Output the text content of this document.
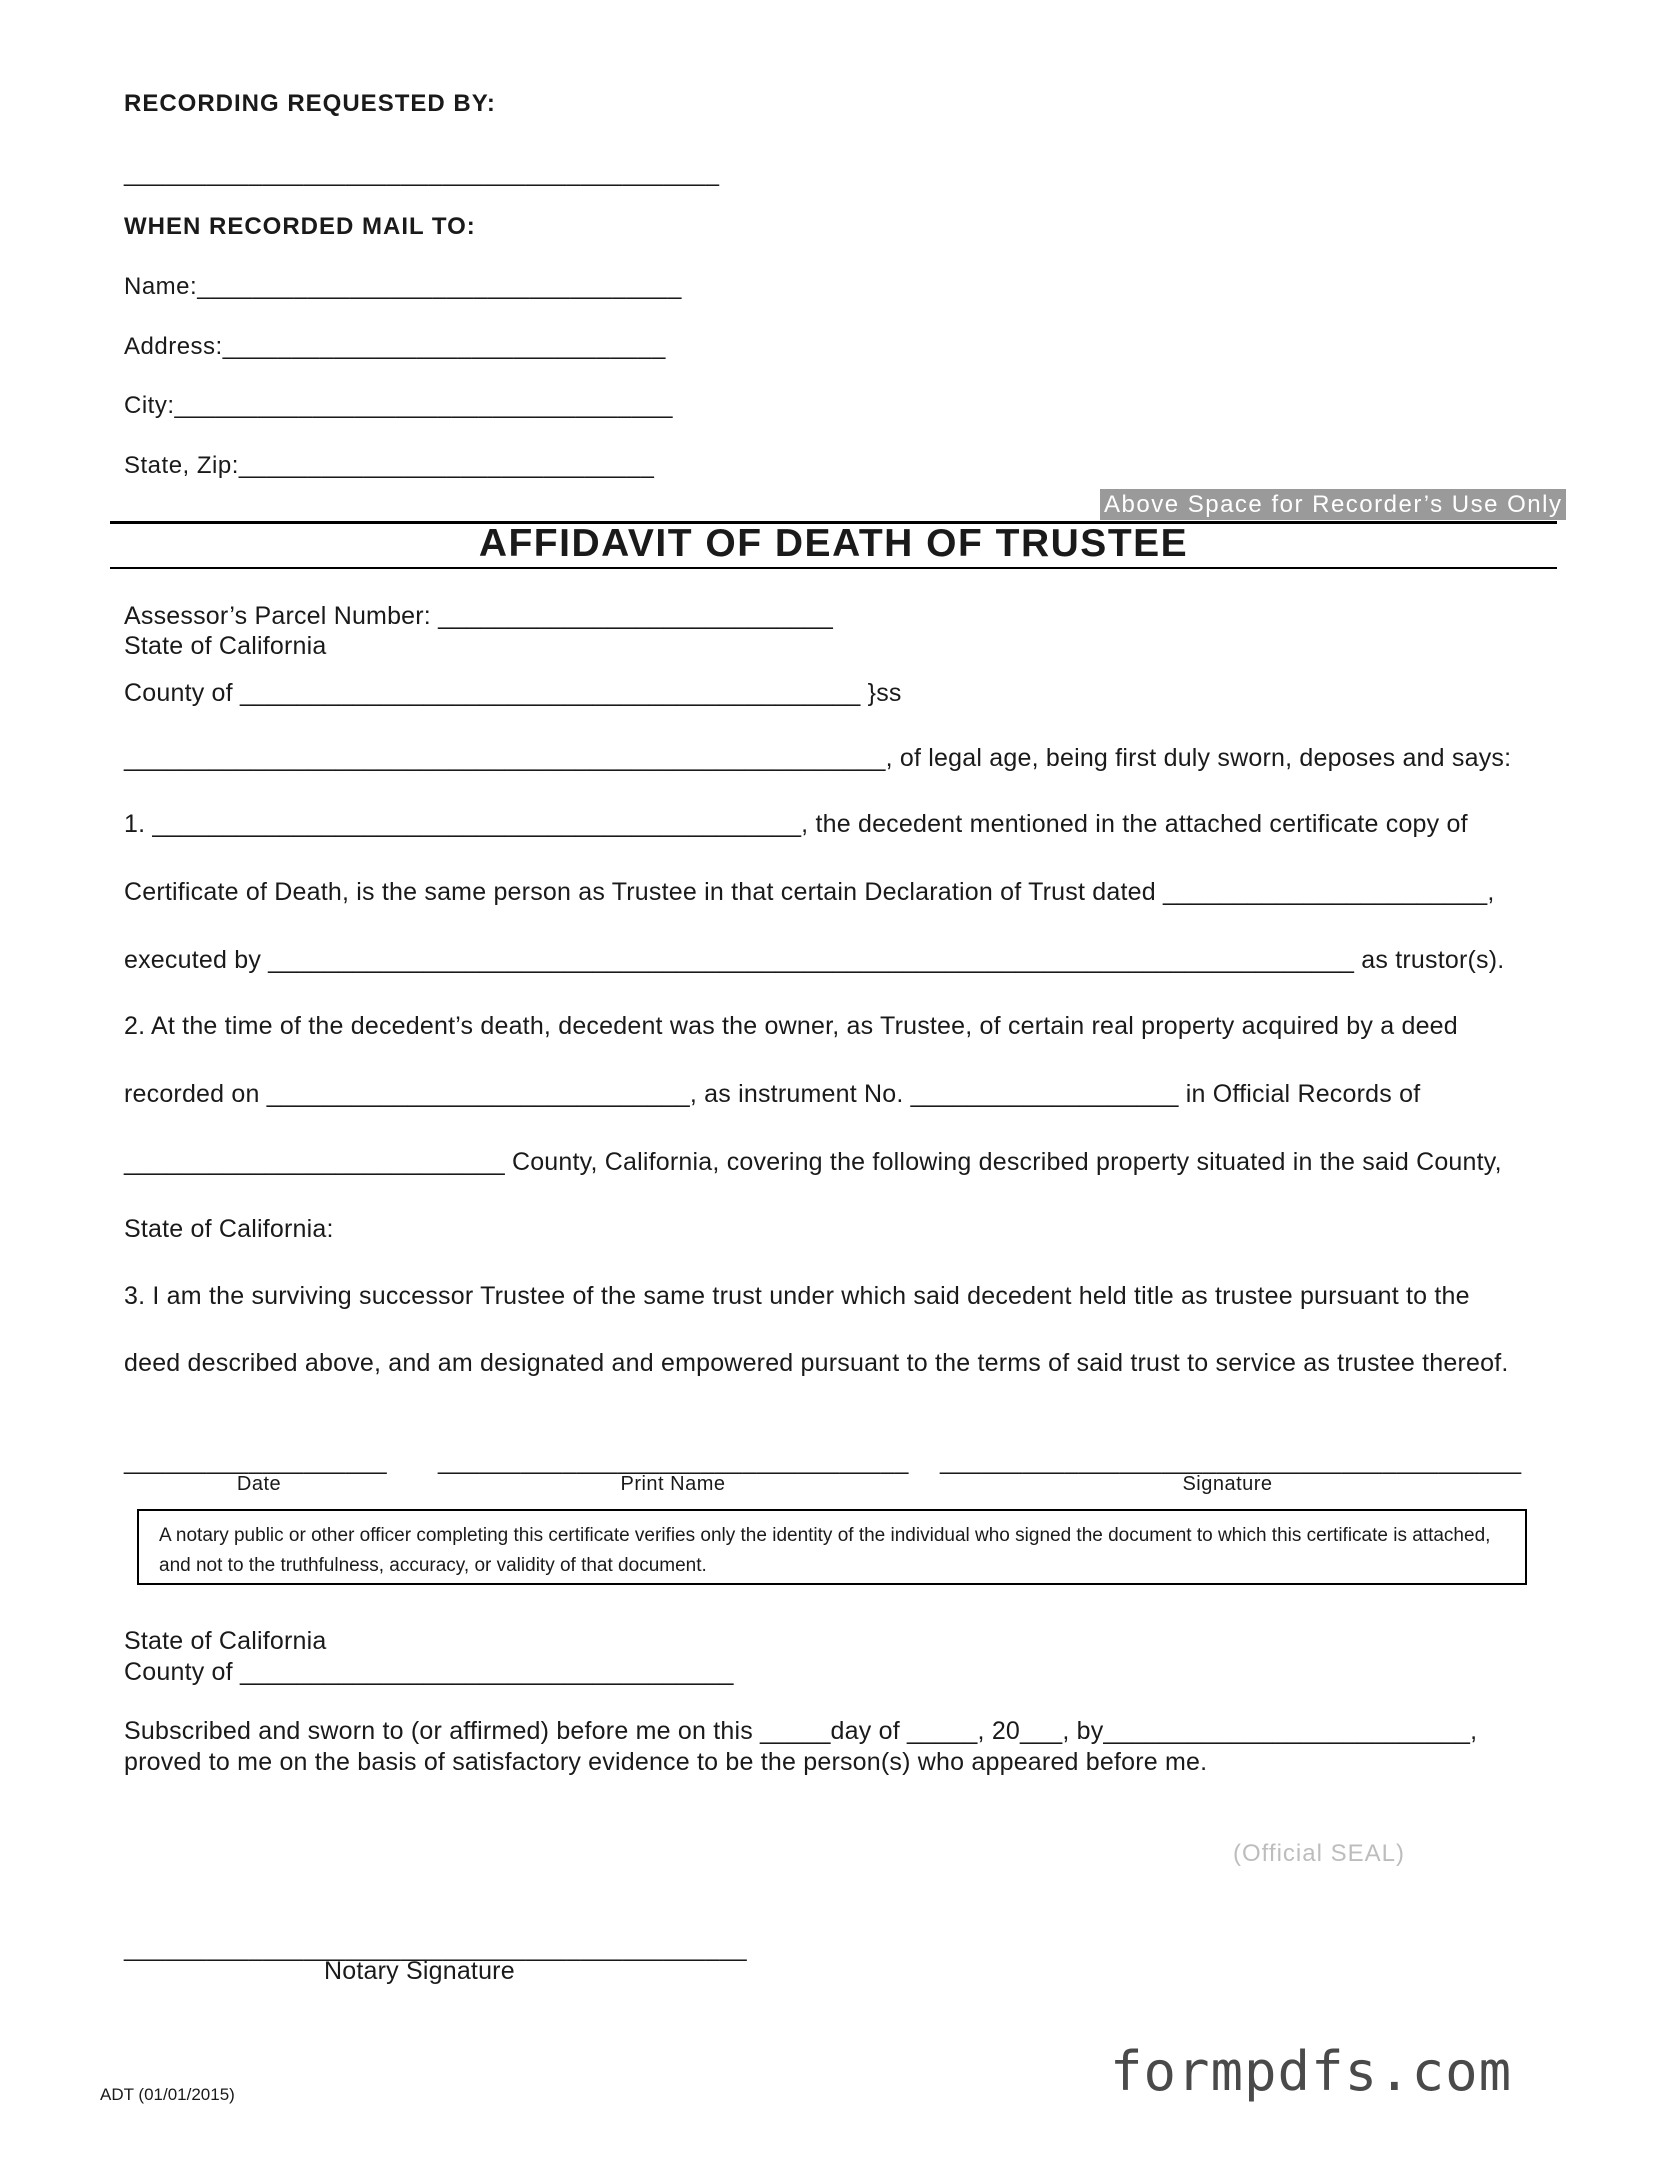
RECORDING REQUESTED BY:
___________________________________________
WHEN RECORDED MAIL TO:
Name:___________________________________
Address:________________________________
City:____________________________________
State, Zip:______________________________
Above Space for Recorder’s Use Only
AFFIDAVIT OF DEATH OF TRUSTEE
Assessor’s Parcel Number: ____________________________
State of California
County of ____________________________________________ }ss
______________________________________________________, of legal age, being first duly sworn, deposes and says:
1. ______________________________________________, the decedent mentioned in the attached certificate copy of
Certificate of Death, is the same person as Trustee in that certain Declaration of Trust dated _______________________,
executed by _____________________________________________________________________________ as trustor(s).
2. At the time of the decedent’s death, decedent was the owner, as Trustee, of certain real property acquired by a deed
recorded on ______________________________, as instrument No. ___________________ in Official Records of
___________________________ County, California, covering the following described property situated in the said County,
State of California:
3. I am the surviving successor Trustee of the same trust under which said decedent held title as trustee pursuant to the
deed described above, and am designated and empowered pursuant to the terms of said trust to service as trustee thereof.
___________________ __________________________________ __________________________________________
Date	Print Name	Signature
A notary public or other officer completing this certificate verifies only the identity of the individual who signed the document to which this certificate is attached, and not to the truthfulness, accuracy, or validity of that document.
State of California
County of ___________________________________
Subscribed and sworn to (or affirmed) before me on this _____day of _____, 20___, by__________________________,
proved to me on the basis of satisfactory evidence to be the person(s) who appeared before me.
(Official SEAL)
_____________________________________________
Notary Signature
ADT (01/01/2015)	formpdfs.com
